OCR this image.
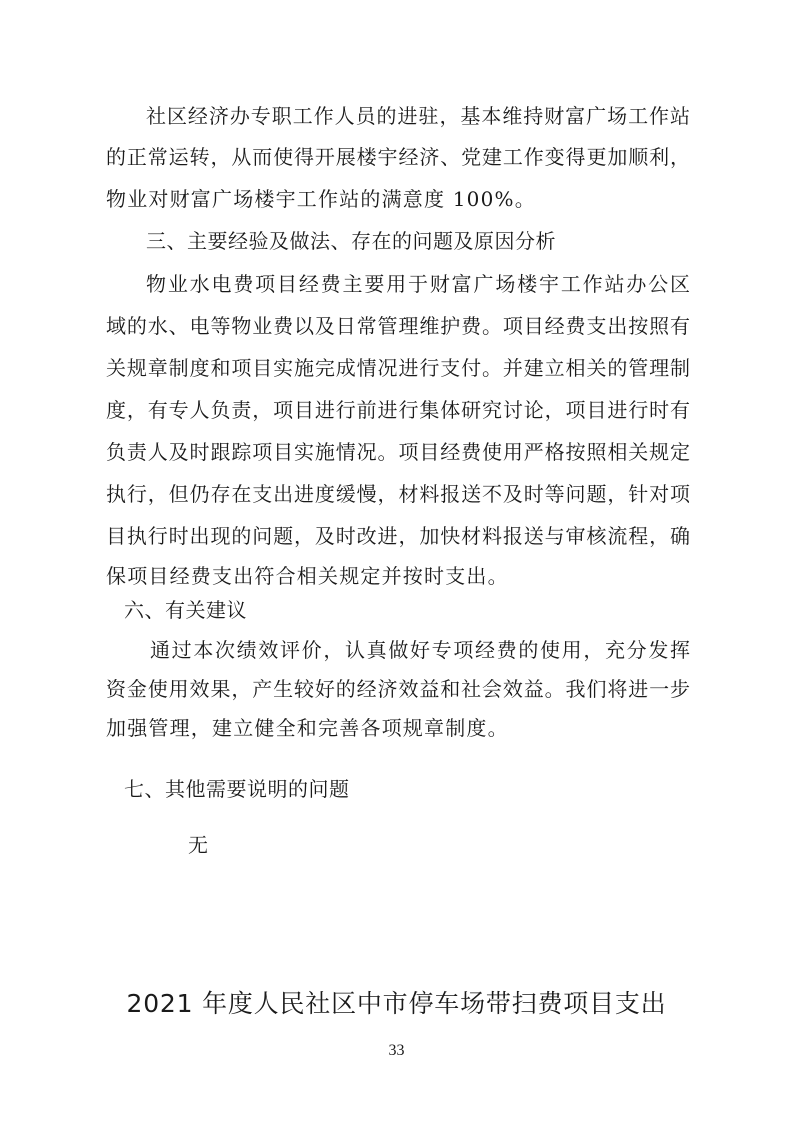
社区经济办专职工作人员的进驻，基本维持财富广场工作站
的正常运转，从而使得开展楼宇经济、党建工作变得更加顺利，
物业对财富广场楼宇工作站的满意度 100%。
三、主要经验及做法、存在的问题及原因分析
物业水电费项目经费主要用于财富广场楼宇工作站办公区
域的水、电等物业费以及日常管理维护费。项目经费支出按照有
关规章制度和项目实施完成情况进行支付。并建立相关的管理制
度，有专人负责，项目进行前进行集体研究讨论，项目进行时有
负责人及时跟踪项目实施情况。项目经费使用严格按照相关规定
执行，但仍存在支出进度缓慢，材料报送不及时等问题，针对项
目执行时出现的问题，及时改进，加快材料报送与审核流程，确
保项目经费支出符合相关规定并按时支出。
六、有关建议
通过本次绩效评价，认真做好专项经费的使用，充分发挥
资金使用效果，产生较好的经济效益和社会效益。我们将进一步
加强管理，建立健全和完善各项规章制度。
七、其他需要说明的问题
无
2021 年度人民社区中市停车场带扫费项目支出
33
